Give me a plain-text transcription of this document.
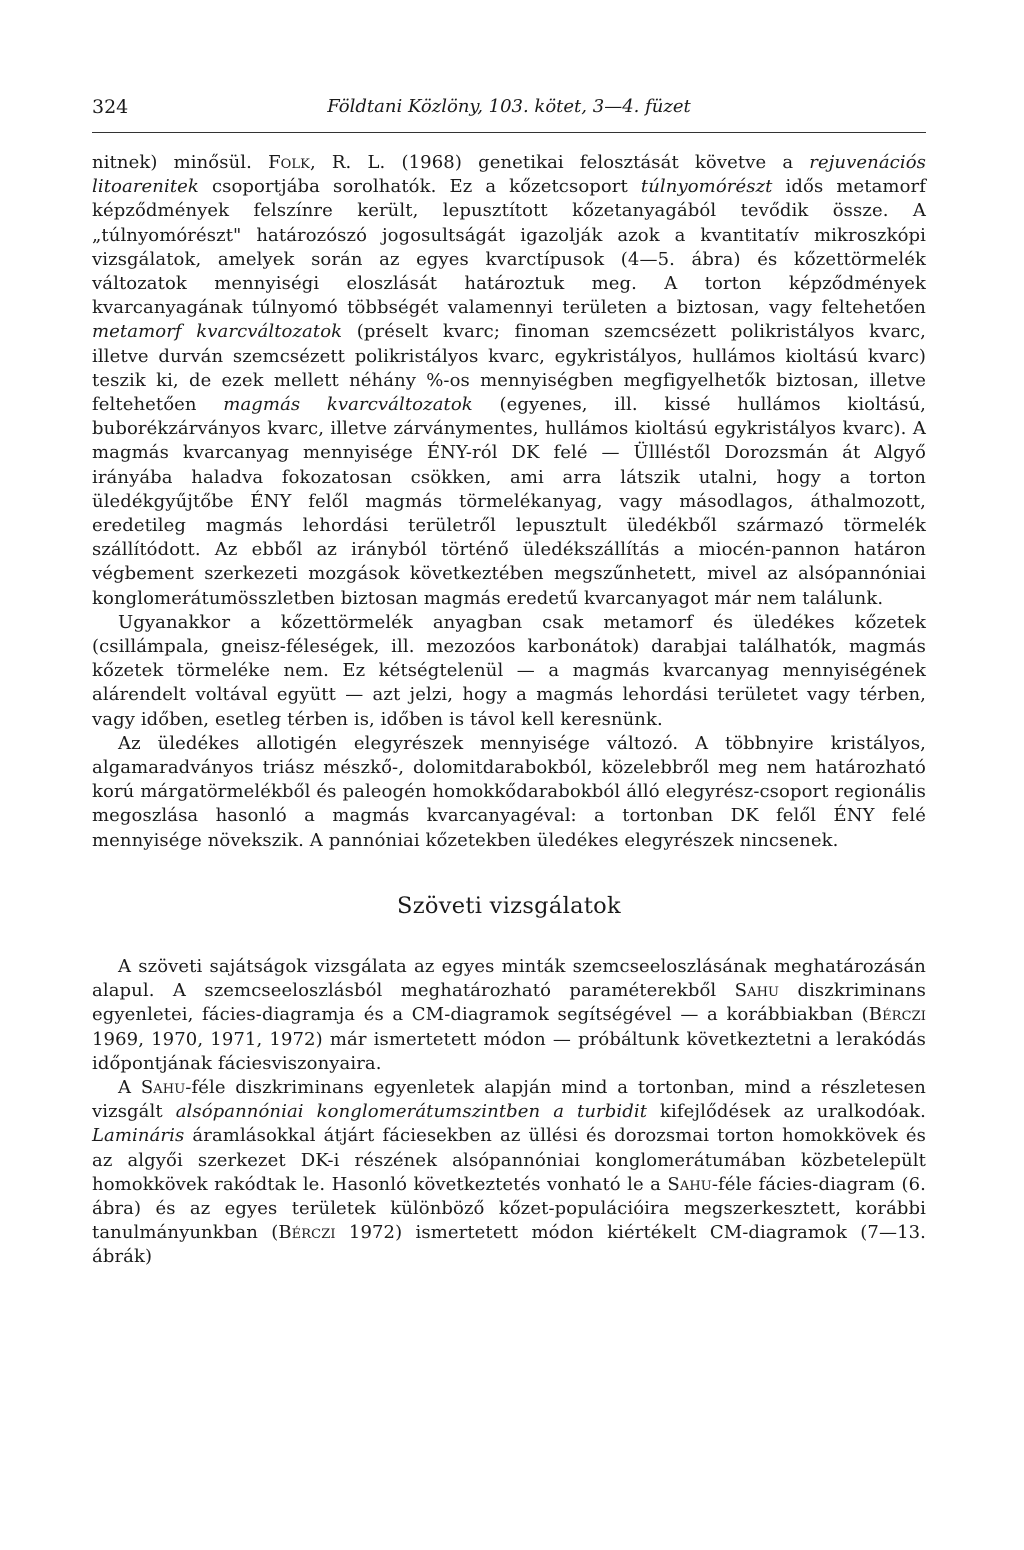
324	Földtani Közlöny, 103. kötet, 3—4. füzet

nitnek) minősül. Folk, R. L. (1968) genetikai felosztását követve a rejuvenációs litoarenitek csoportjába sorolhatók. Ez a kőzetcsoport túlnyomórészt idős metamorf képződmények felszínre került, lepusztított kőzetanyagából tevődik össze. A „túlnyomórészt" határozószó jogosultságát igazolják azok a kvantitatív mikroszkópi vizsgálatok, amelyek során az egyes kvarctípusok (4—5. ábra) és kőzettörmelék változatok mennyiségi eloszlását határoztuk meg. A torton képződmények kvarcanyagának túlnyomó többségét valamennyi területen a biztosan, vagy feltehetően metamorf kvarcváltozatok (préselt kvarc; finoman szemcsézett polikristályos kvarc, illetve durván szemcsézett polikristályos kvarc, egykristályos, hullámos kioltású kvarc) teszik ki, de ezek mellett néhány %-os mennyiségben megfigyelhetők biztosan, illetve feltehetően magmás kvarcváltozatok (egyenes, ill. kissé hullámos kioltású, buborékzárványos kvarc, illetve zárványmentes, hullámos kioltású egykristályos kvarc). A magmás kvarcanyag mennyisége ÉNY-ról DK felé — Üllléstől Dorozsmán át Algyő irányába haladva fokozatosan csökken, ami arra látszik utalni, hogy a torton üledékgyűjtőbe ÉNY felől magmás törmelékanyag, vagy másodlagos, áthalmozott, eredetileg magmás lehordási területről lepusztult üledékből származó törmelék szállítódott. Az ebből az irányból történő üledékszállítás a miocén-pannon határon végbement szerkezeti mozgások következtében megszűnhetett, mivel az alsópannóniai konglomerátumösszletben biztosan magmás eredetű kvarcanyagot már nem találunk.

Ugyanakkor a kőzettörmelék anyagban csak metamorf és üledékes kőzetek (csillámpala, gneisz-féleségek, ill. mezozóos karbonátok) darabjai találhatók, magmás kőzetek törmeléke nem. Ez kétségtelenül — a magmás kvarcanyag mennyiségének alárendelt voltával együtt — azt jelzi, hogy a magmás lehordási területet vagy térben, vagy időben, esetleg térben is, időben is távol kell keresnünk.

Az üledékes allotigén elegyrészek mennyisége változó. A többnyire kristályos, algamaradványos triász mészkő-, dolomitdarabokból, közelebbről meg nem határozható korú márgatörmelékből és paleogén homokkődarabokból álló elegyrész-csoport regionális megoszlása hasonló a magmás kvarcanyagéval: a tortonban DK felől ÉNY felé mennyisége növekszik. A pannóniai kőzetekben üledékes elegyrészek nincsenek.

Szöveti vizsgálatok

A szöveti sajátságok vizsgálata az egyes minták szemcseeloszlásának meghatározásán alapul. A szemcseeloszlásból meghatározható paraméterekből Sahu diszkriminans egyenletei, fácies-diagramja és a CM-diagramok segítségével — a korábbiakban (Bérczi 1969, 1970, 1971, 1972) már ismertetett módon — próbáltunk következtetni a lerakódás időpontjának fáciesviszonyaira.

A Sahu-féle diszkriminans egyenletek alapján mind a tortonban, mind a részletesen vizsgált alsópannóniai konglomerátumszintben a turbidit kifejlődések az uralkodóak. Lamináris áramlásokkal átjárt fáciesekben az üllési és dorozsmai torton homokkövek és az algyői szerkezet DK-i részének alsópannóniai konglomerátumában közbetelepült homokkövek rakódtak le. Hasonló következtetés vonható le a Sahu-féle fácies-diagram (6. ábra) és az egyes területek különböző kőzet-populációira megszerkesztett, korábbi tanulmányunkban (Bérczi 1972) ismertetett módon kiértékelt CM-diagramok (7—13. ábrák)
